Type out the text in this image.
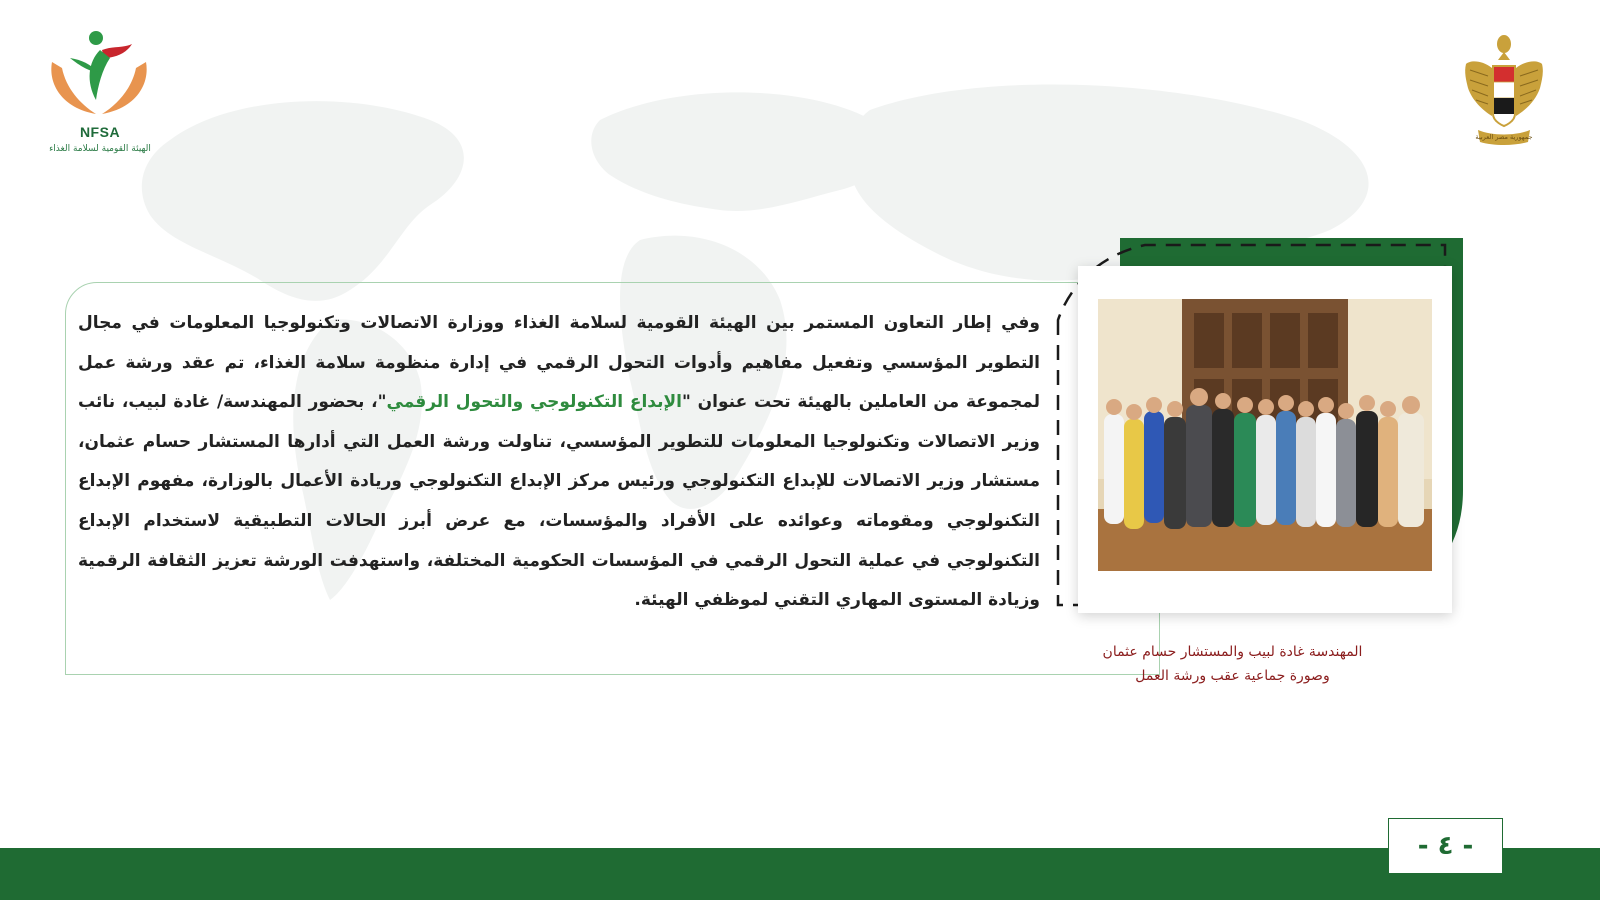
NFSA
الهيئة القومية لسلامة الغذاء
جمهورية مصر العربية
وفي إطار التعاون المستمر بين الهيئة القومية لسلامة الغذاء ووزارة الاتصالات وتكنولوجيا المعلومات في مجال التطوير المؤسسي وتفعيل مفاهيم وأدوات التحول الرقمي في إدارة منظومة سلامة الغذاء، تم عقد ورشة عمل لمجموعة من العاملين بالهيئة تحت عنوان "الإبداع التكنولوجي والتحول الرقمي"، بحضور المهندسة/ غادة لبيب، نائب وزير الاتصالات وتكنولوجيا المعلومات للتطوير المؤسسي، تناولت ورشة العمل التي أدارها المستشار حسام عثمان، مستشار وزير الاتصالات للإبداع التكنولوجي ورئيس مركز الإبداع التكنولوجي وريادة الأعمال بالوزارة، مفهوم الإبداع التكنولوجي ومقوماته وعوائده على الأفراد والمؤسسات، مع عرض أبرز الحالات التطبيقية لاستخدام الإبداع التكنولوجي في عملية التحول الرقمي في المؤسسات الحكومية المختلفة، واستهدفت الورشة تعزيز الثقافة الرقمية وزيادة المستوى المهاري التقني لموظفي الهيئة.
المهندسة غادة لبيب والمستشار حسام عثمان
وصورة جماعية عقب ورشة العمل
- ٤ -
